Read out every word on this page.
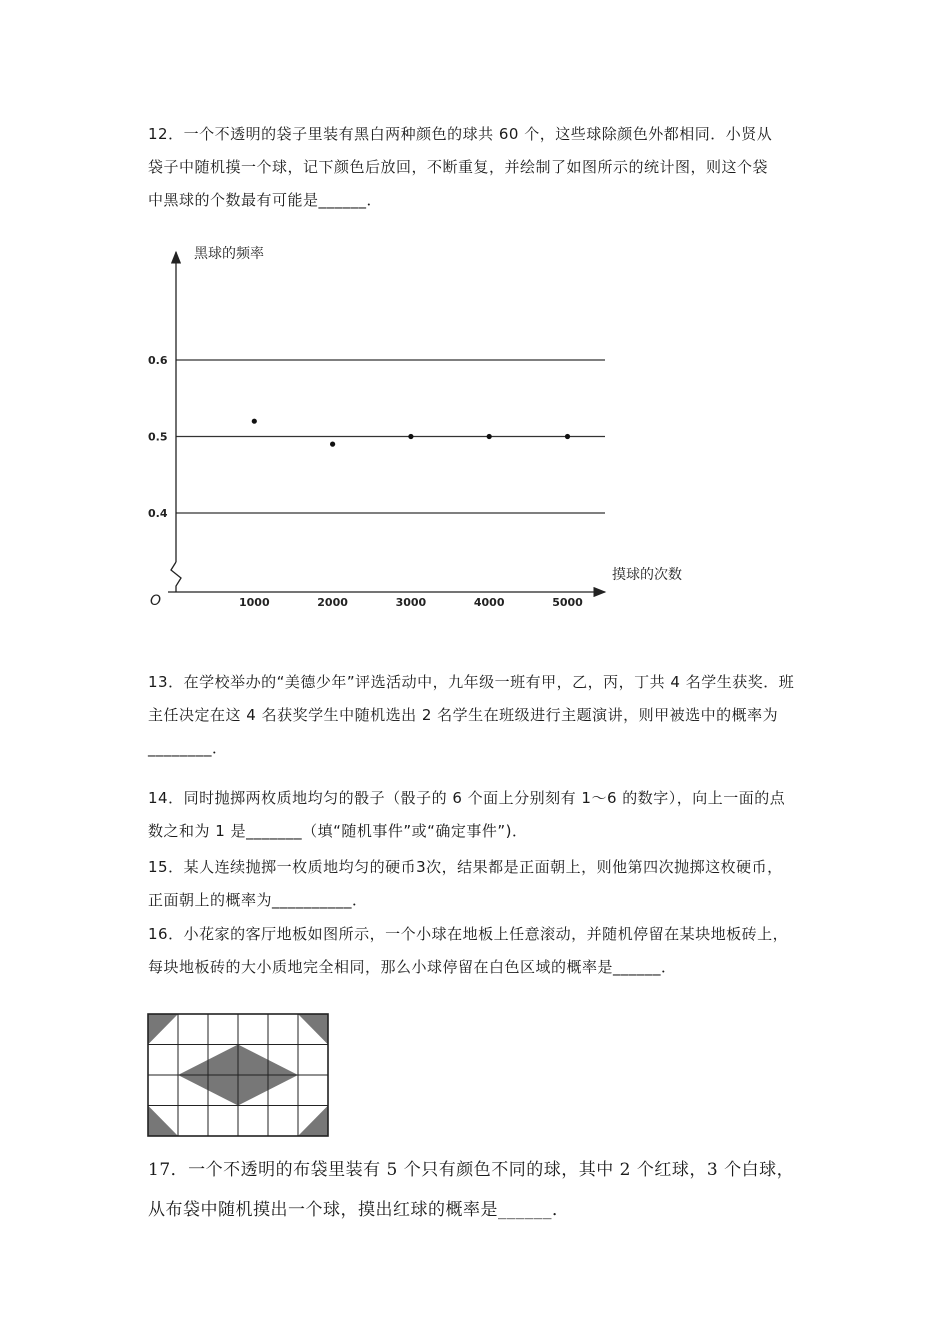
12．一个不透明的袋子里装有黑白两种颜色的球共 60 个，这些球除颜色外都相同．小贤从
袋子中随机摸一个球，记下颜色后放回，不断重复，并绘制了如图所示的统计图，则这个袋
中黑球的个数最有可能是______．
0.4
0.5
0.6
1000	2000	3000	4000	5000
黑球的频率
摸球的次数
O
13．在学校举办的“美德少年”评选活动中，九年级一班有甲，乙，丙，丁共 4 名学生获奖．班
主任决定在这 4 名获奖学生中随机选出 2 名学生在班级进行主题演讲，则甲被选中的概率为
________．
14．同时抛掷两枚质地均匀的骰子（骰子的 6 个面上分别刻有 1～6 的数字），向上一面的点
数之和为 1 是_______（填“随机事件”或“确定事件”)．
15．某人连续抛掷一枚质地均匀的硬币3次，结果都是正面朝上，则他第四次抛掷这枚硬币，
正面朝上的概率为__________．
16．小花家的客厅地板如图所示，一个小球在地板上任意滚动，并随机停留在某块地板砖上，
每块地板砖的大小质地完全相同，那么小球停留在白色区域的概率是______．
17．一个不透明的布袋里装有 5 个只有颜色不同的球，其中 2 个红球，3 个白球，
从布袋中随机摸出一个球，摸出红球的概率是______．
